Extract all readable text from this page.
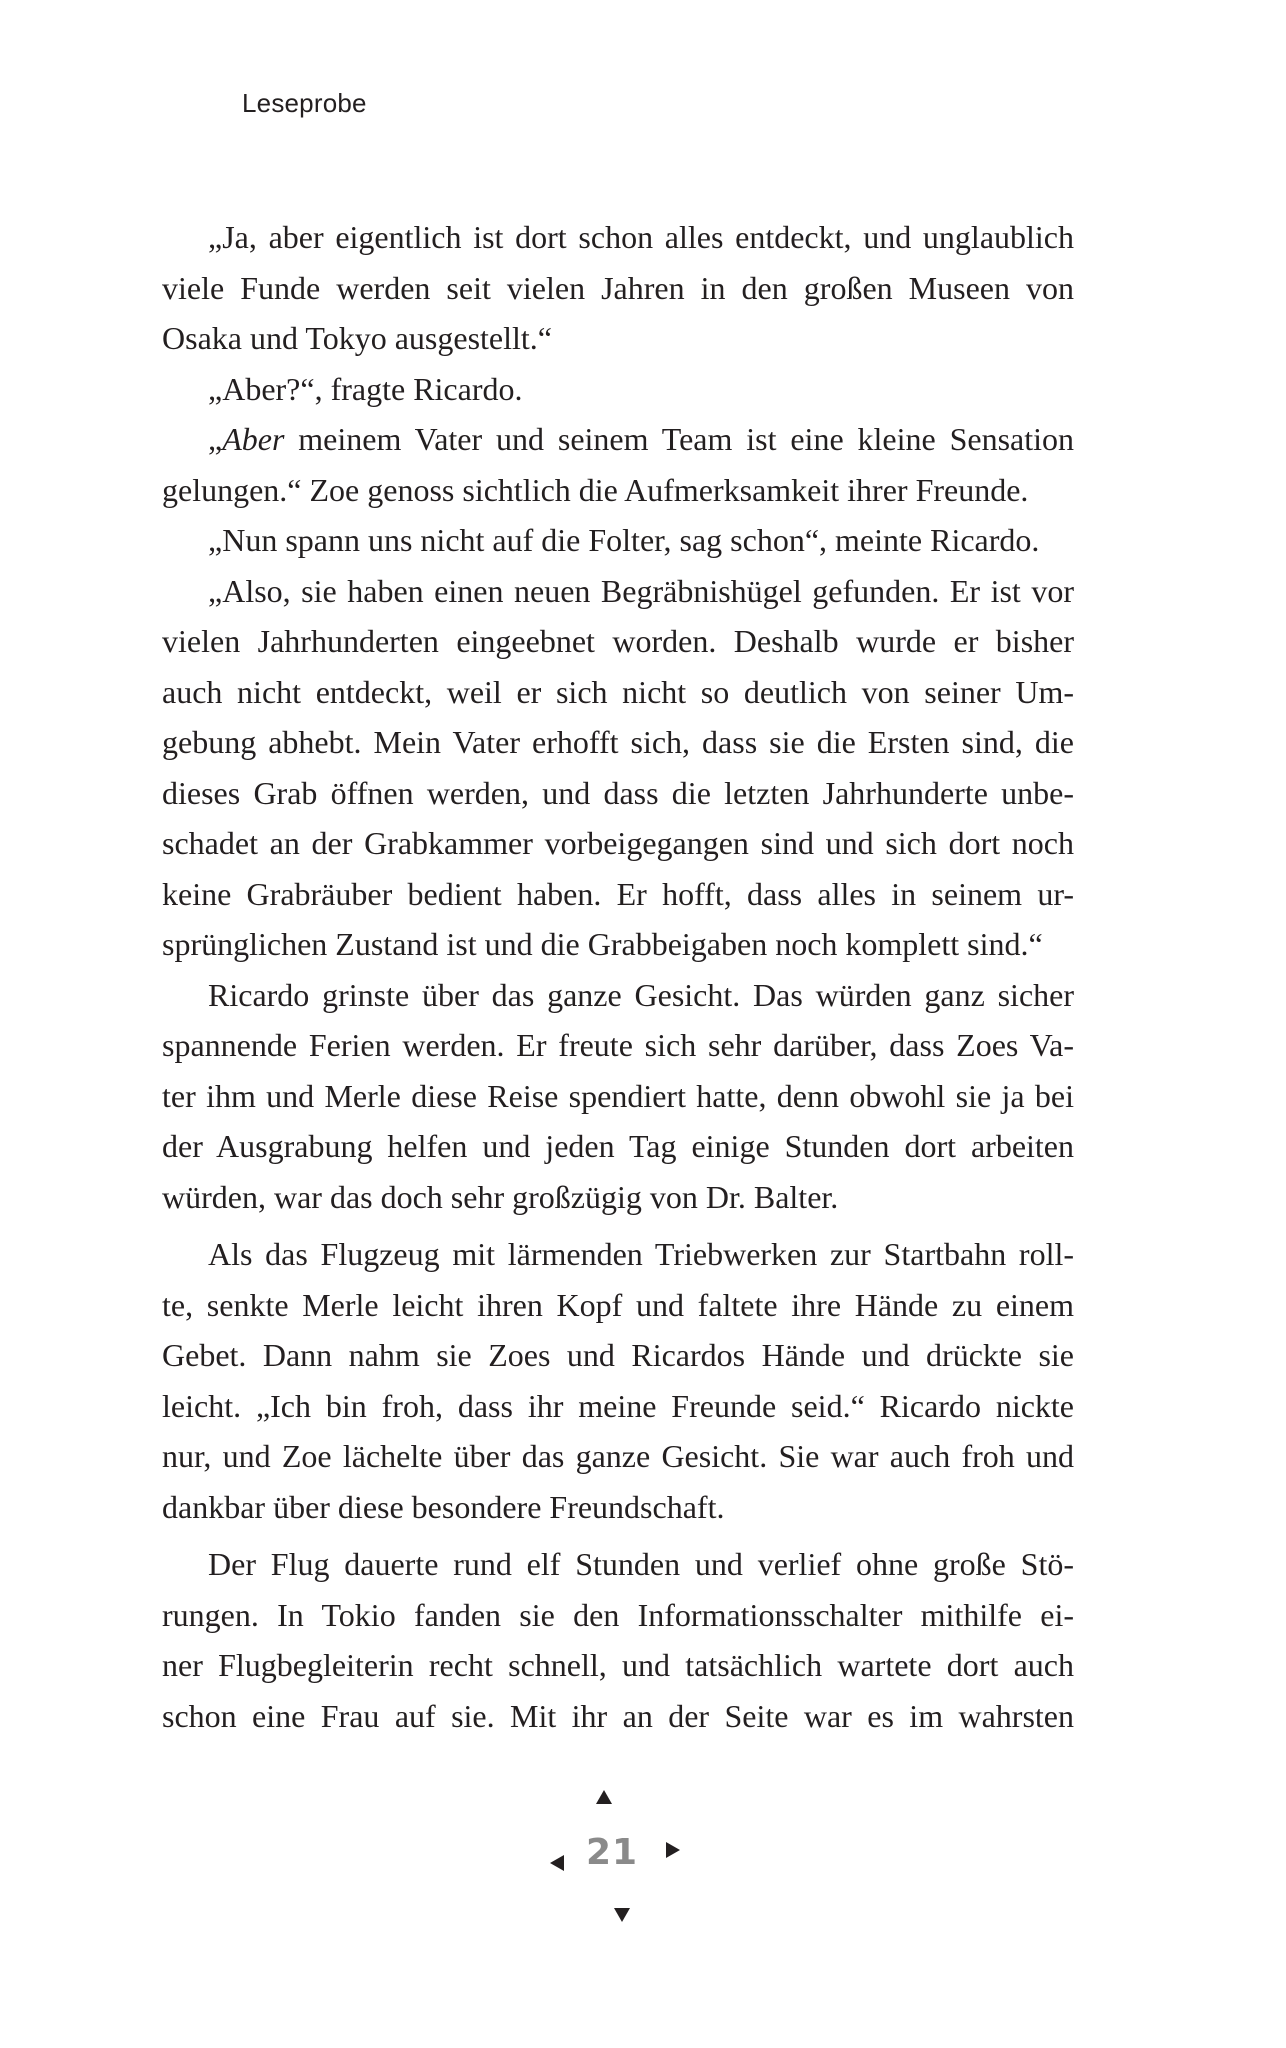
Leseprobe
„Ja, aber eigentlich ist dort schon alles entdeckt, und unglaublich
viele Funde werden seit vielen Jahren in den großen Museen von
Osaka und Tokyo ausgestellt.“
„Aber?“, fragte Ricardo.
„Aber meinem Vater und seinem Team ist eine kleine Sensation
gelungen.“ Zoe genoss sichtlich die Aufmerksamkeit ihrer Freunde.
„Nun spann uns nicht auf die Folter, sag schon“, meinte Ricardo.
„Also, sie haben einen neuen Begräbnishügel gefunden. Er ist vor
vielen Jahrhunderten eingeebnet worden. Deshalb wurde er bisher
auch nicht entdeckt, weil er sich nicht so deutlich von seiner Um-
gebung abhebt. Mein Vater erhofft sich, dass sie die Ersten sind, die
dieses Grab öffnen werden, und dass die letzten Jahrhunderte unbe-
schadet an der Grabkammer vorbeigegangen sind und sich dort noch
keine Grabräuber bedient haben. Er hofft, dass alles in seinem ur-
sprünglichen Zustand ist und die Grabbeigaben noch komplett sind.“
Ricardo grinste über das ganze Gesicht. Das würden ganz sicher
spannende Ferien werden. Er freute sich sehr darüber, dass Zoes Va-
ter ihm und Merle diese Reise spendiert hatte, denn obwohl sie ja bei
der Ausgrabung helfen und jeden Tag einige Stunden dort arbeiten
würden, war das doch sehr großzügig von Dr. Balter.
Als das Flugzeug mit lärmenden Triebwerken zur Startbahn roll-
te, senkte Merle leicht ihren Kopf und faltete ihre Hände zu einem
Gebet. Dann nahm sie Zoes und Ricardos Hände und drückte sie
leicht. „Ich bin froh, dass ihr meine Freunde seid.“ Ricardo nickte
nur, und Zoe lächelte über das ganze Gesicht. Sie war auch froh und
dankbar über diese besondere Freundschaft.
Der Flug dauerte rund elf Stunden und verlief ohne große Stö-
rungen. In Tokio fanden sie den Informationsschalter mithilfe ei-
ner Flugbegleiterin recht schnell, und tatsächlich wartete dort auch
schon eine Frau auf sie. Mit ihr an der Seite war es im wahrsten
21
